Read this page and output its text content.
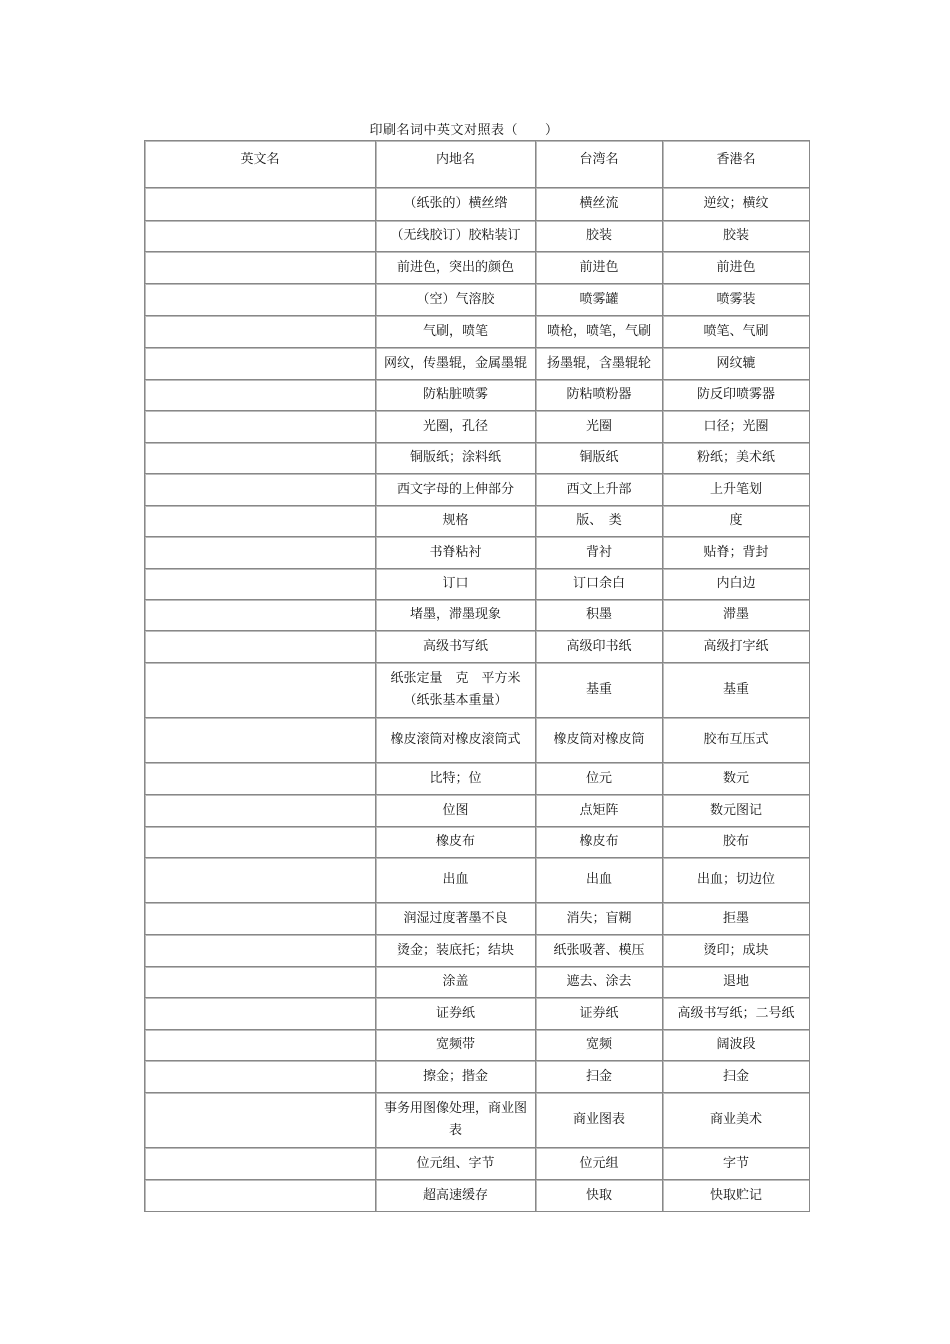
印刷名词中英文对照表（　　）
英文名	内地名	台湾名	香港名
	（纸张的）横丝绺	横丝流	逆纹；横纹
	（无线胶订）胶粘装订	胶装	胶装
	前进色，突出的颜色	前进色	前进色
	（空）气溶胶	喷雾罐	喷雾装
	气刷，喷笔	喷枪，喷笔，气刷	喷笔、气刷
	网纹，传墨辊，金属墨辊	扬墨辊，含墨辊轮	网纹辘
	防粘脏喷雾	防粘喷粉器	防反印喷雾器
	光圈，孔径	光圈	口径；光圈
	铜版纸；涂料纸	铜版纸	粉纸；美术纸
	西文字母的上伸部分	西文上升部	上升笔划
	规格	版、　类	度
	书脊粘衬	背衬	贴脊；背封
	订口	订口余白	内白边
	堵墨，滞墨现象	积墨	滞墨
	高级书写纸	高级印书纸	高级打字纸
	纸张定量　克　平方米（纸张基本重量）	基重	基重
	橡皮滚筒对橡皮滚筒式	橡皮筒对橡皮筒	胶布互压式
	比特；位	位元	数元
	位图	点矩阵	数元图记
	橡皮布	橡皮布	胶布
	出血	出血	出血；切边位
	润湿过度著墨不良	消失；盲糊	拒墨
	烫金；装底托；结块	纸张吸著、模压	烫印；成块
	涂盖	遮去、涂去	退地
	证券纸	证券纸	高级书写纸；二号纸
	宽频带	宽频	阔波段
	擦金；揩金	扫金	扫金
	事务用图像处理，商业图表	商业图表	商业美术
	位元组、字节	位元组	字节
	超高速缓存	快取	快取贮记
